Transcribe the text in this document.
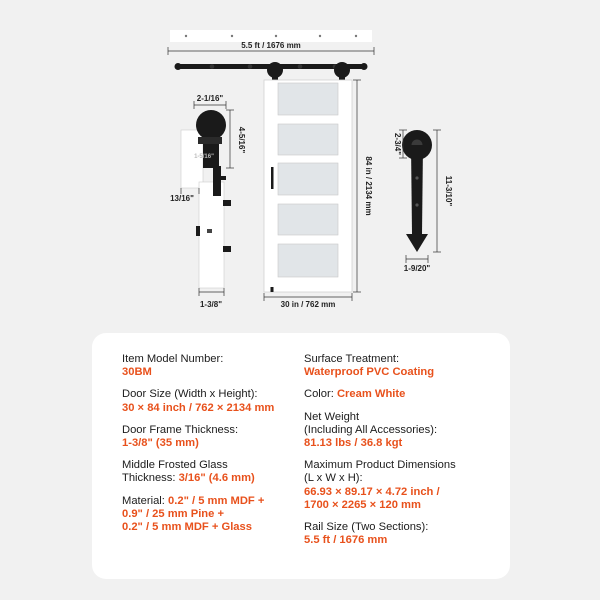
5.5 ft / 1676 mm
84 in / 2134 mm
30 in / 762 mm
2-1/16"
4-5/16"
1-5/16"
13/16"
1-3/8"
2-3/4"
11-3/10"
1-9/20"
Item Model Number:
30BM
Door Size (Width x Height):
30 × 84 inch / 762 × 2134 mm
Door Frame Thickness:
1-3/8" (35 mm)
Middle Frosted Glass
Thickness: 3/16" (4.6 mm)
Material: 0.2" / 5 mm MDF +
0.9" / 25 mm Pine +
0.2" / 5 mm MDF + Glass
Surface Treatment:
Waterproof PVC Coating
Color: Cream White
Net Weight
(Including All Accessories):
81.13 lbs / 36.8 kgt
Maximum Product Dimensions
(L x W x H):
66.93 × 89.17 × 4.72 inch /
1700 × 2265 × 120 mm
Rail Size (Two Sections):
5.5 ft / 1676 mm
